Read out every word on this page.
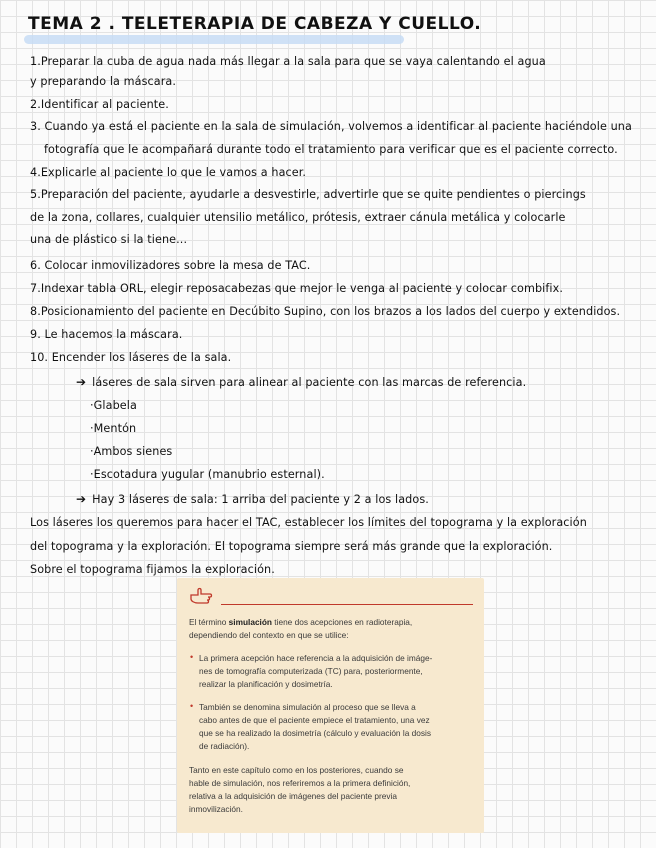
TEMA 2 . TELETERAPIA DE CABEZA Y CUELLO.
1.Preparar la cuba de agua nada más llegar a la sala para que se vaya calentando el agua
y preparando la máscara.
2.Identificar al paciente.
3. Cuando ya está el paciente en la sala de simulación, volvemos a identificar al paciente haciéndole una
fotografía que le acompañará durante todo el tratamiento para verificar que es el paciente correcto.
4.Explicarle al paciente lo que le vamos a hacer.
5.Preparación del paciente, ayudarle a desvestirle, advertirle que se quite pendientes o piercings
de la zona, collares, cualquier utensilio metálico, prótesis, extraer cánula metálica y colocarle
una de plástico si la tiene...
6. Colocar inmovilizadores sobre la mesa de TAC.
7.Indexar tabla ORL, elegir reposacabezas que mejor le venga al paciente y colocar combifix.
8.Posicionamiento del paciente en Decúbito Supino, con los brazos a los lados del cuerpo y extendidos.
9. Le hacemos la máscara.
10. Encender los láseres de la sala.
➔ láseres de sala sirven para alinear al paciente con las marcas de referencia.
·Glabela
·Mentón
·Ambos sienes
·Escotadura yugular (manubrio esternal).
➔ Hay 3 láseres de sala: 1 arriba del paciente y 2 a los lados.
Los láseres los queremos para hacer el TAC, establecer los límites del topograma y la exploración
del topograma y la exploración. El topograma siempre será más grande que la exploración.
Sobre el topograma fijamos la exploración.
El término simulación tiene dos acepciones en radioterapia,
dependiendo del contexto en que se utilice:
• La primera acepción hace referencia a la adquisición de imáge-
nes de tomografía computerizada (TC) para, posteriormente,
realizar la planificación y dosimetría.
• También se denomina simulación al proceso que se lleva a
cabo antes de que el paciente empiece el tratamiento, una vez
que se ha realizado la dosimetría (cálculo y evaluación la dosis
de radiación).
Tanto en este capítulo como en los posteriores, cuando se
hable de simulación, nos referiremos a la primera definición,
relativa a la adquisición de imágenes del paciente previa
inmovilización.
